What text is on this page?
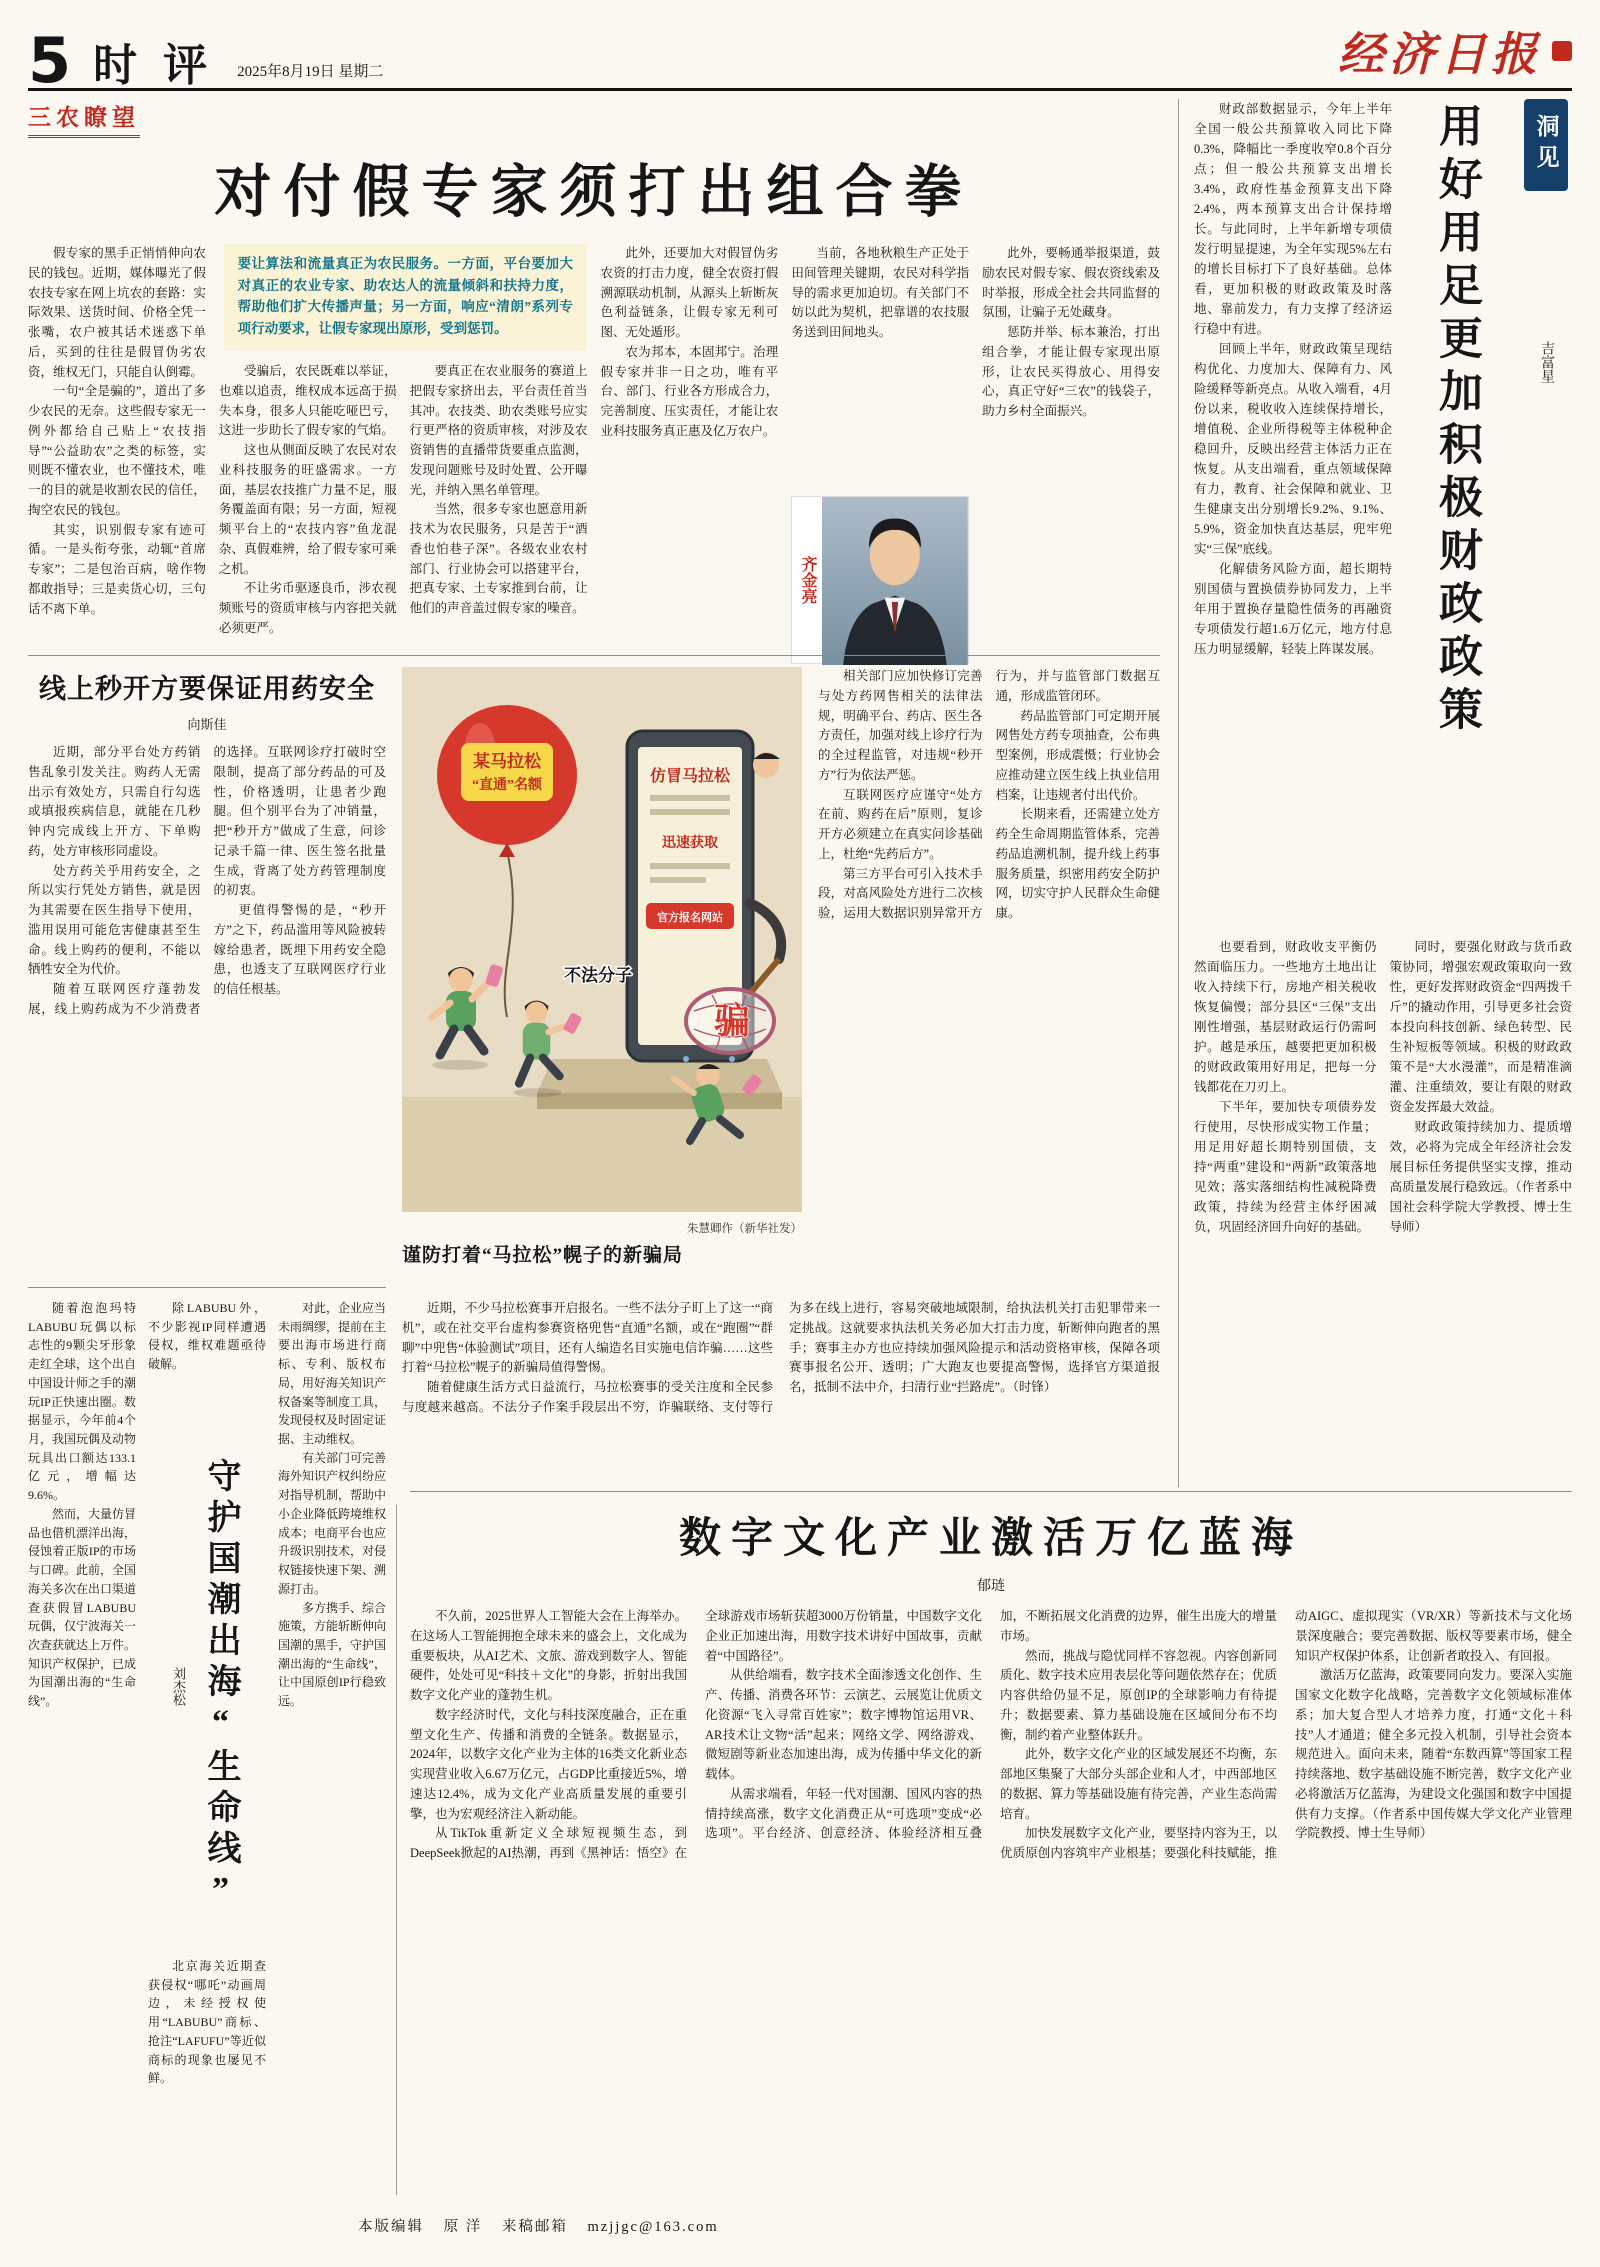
5 时评 2025年8月19日 星期二	经济日报
三农瞭望
对付假专家须打出组合拳
要让算法和流量真正为农民服务。一方面，平台要加大对真正的农业专家、助农达人的流量倾斜和扶持力度，帮助他们扩大传播声量；另一方面，响应“清朗”系列专项行动要求，让假专家现出原形，受到惩罚。

假专家的黑手正悄悄伸向农民的钱包。近期，媒体曝光了假农技专家在网上坑农的套路：实际效果、送货时间、价格全凭一张嘴，农户被其话术迷惑下单后，买到的往往是假冒伪劣农资，维权无门，只能自认倒霉。

一句“全是骗的”，道出了多少农民的无奈。这些假专家无一例外都给自己贴上“农技指导”“公益助农”之类的标签，实则既不懂农业，也不懂技术，唯一的目的就是收割农民的信任，掏空农民的钱包。

其实，识别假专家有迹可循。一是头衔夸张，动辄“首席专家”；二是包治百病，啥作物都敢指导；三是卖货心切，三句话不离下单。

受骗后，农民既难以举证，也难以追责，维权成本远高于损失本身，很多人只能吃哑巴亏，这进一步助长了假专家的气焰。

这也从侧面反映了农民对农业科技服务的旺盛需求。一方面，基层农技推广力量不足，服务覆盖面有限；另一方面，短视频平台上的“农技内容”鱼龙混杂、真假难辨，给了假专家可乘之机。

不让劣币驱逐良币，涉农视频账号的资质审核与内容把关就必须更严。

要真正在农业服务的赛道上把假专家挤出去，平台责任首当其冲。农技类、助农类账号应实行更严格的资质审核，对涉及农资销售的直播带货要重点监测，发现问题账号及时处置、公开曝光，并纳入黑名单管理。

当然，很多专家也愿意用新技术为农民服务，只是苦于“酒香也怕巷子深”。各级农业农村部门、行业协会可以搭建平台，把真专家、土专家推到台前，让他们的声音盖过假专家的噪音。

此外，还要加大对假冒伪劣农资的打击力度，健全农资打假溯源联动机制，从源头上斩断灰色利益链条，让假专家无利可图、无处遁形。

农为邦本，本固邦宁。治理假专家并非一日之功，唯有平台、部门、行业各方形成合力，完善制度、压实责任，才能让农业科技服务真正惠及亿万农户。

当前，各地秋粮生产正处于田间管理关键期，农民对科学指导的需求更加迫切。有关部门不妨以此为契机，把靠谱的农技服务送到田间地头。

齐金亮

此外，要畅通举报渠道，鼓励农民对假专家、假农资线索及时举报，形成全社会共同监督的氛围，让骗子无处藏身。

惩防并举、标本兼治，打出组合拳，才能让假专家现出原形，让农民买得放心、用得安心，真正守好“三农”的钱袋子，助力乡村全面振兴。

线上秒开方要保证用药安全
向斯佳

近期，部分平台处方药销售乱象引发关注。购药人无需出示有效处方，只需自行勾选或填报疾病信息，就能在几秒钟内完成线上开方、下单购药，处方审核形同虚设。

处方药关乎用药安全，之所以实行凭处方销售，就是因为其需要在医生指导下使用，滥用误用可能危害健康甚至生命。线上购药的便利，不能以牺牲安全为代价。

随着互联网医疗蓬勃发展，线上购药成为不少消费者的选择。互联网诊疗打破时空限制，提高了部分药品的可及性，价格透明，让患者少跑腿。但个别平台为了冲销量，把“秒开方”做成了生意，问诊记录千篇一律、医生签名批量生成，背离了处方药管理制度的初衷。

更值得警惕的是，“秒开方”之下，药品滥用等风险被转嫁给患者，既埋下用药安全隐患，也透支了互联网医疗行业的信任根基。

某马拉松
“直通”名额
仿冒马拉松
迅速获取
官方报名网站
骗
不法分子
朱慧卿作（新华社发）
谨防打着“马拉松”幌子的新骗局

相关部门应加快修订完善与处方药网售相关的法律法规，明确平台、药店、医生各方责任，加强对线上诊疗行为的全过程监管，对违规“秒开方”行为依法严惩。

互联网医疗应谨守“处方在前、购药在后”原则，复诊开方必须建立在真实问诊基础上，杜绝“先药后方”。

第三方平台可引入技术手段，对高风险处方进行二次核验，运用大数据识别异常开方行为，并与监管部门数据互通，形成监管闭环。

药品监管部门可定期开展网售处方药专项抽查，公布典型案例，形成震慑；行业协会应推动建立医生线上执业信用档案，让违规者付出代价。

长期来看，还需建立处方药全生命周期监管体系，完善药品追溯机制，提升线上药事服务质量，织密用药安全防护网，切实守护人民群众生命健康。

近期，不少马拉松赛事开启报名。一些不法分子盯上了这一“商机”，或在社交平台虚构参赛资格兜售“直通”名额，或在“跑圈”“群聊”中兜售“体验测试”项目，还有人编造名目实施电信诈骗……这些打着“马拉松”幌子的新骗局值得警惕。

随着健康生活方式日益流行，马拉松赛事的受关注度和全民参与度越来越高。不法分子作案手段层出不穷，诈骗联络、支付等行为多在线上进行，容易突破地域限制，给执法机关打击犯罪带来一定挑战。这就要求执法机关务必加大打击力度，斩断伸向跑者的黑手；赛事主办方也应持续加强风险提示和活动资格审核，保障各项赛事报名公开、透明；广大跑友也要提高警惕，选择官方渠道报名，抵制不法中介，扫清行业“拦路虎”。（时锋）

随着泡泡玛特LABUBU玩偶以标志性的9颗尖牙形象走红全球，这个出自中国设计师之手的潮玩IP正快速出圈。数据显示，今年前4个月，我国玩偶及动物玩具出口额达133.1亿元，增幅达9.6%。

然而，大量仿冒品也借机漂洋出海，侵蚀着正版IP的市场与口碑。此前，全国海关多次在出口渠道查获假冒LABUBU玩偶，仅宁波海关一次查获就达上万件。知识产权保护，已成为国潮出海的“生命线”。

除LABUBU外，不少影视IP同样遭遇侵权，维权难题亟待破解。

守护国潮出海“生命线”
刘杰松

北京海关近期查获侵权“哪吒”动画周边，未经授权使用“LABUBU”商标、抢注“LAFUFU”等近似商标的现象也屡见不鲜。

对此，企业应当未雨绸缪，提前在主要出海市场进行商标、专利、版权布局，用好海关知识产权备案等制度工具，发现侵权及时固定证据、主动维权。

有关部门可完善海外知识产权纠纷应对指导机制，帮助中小企业降低跨境维权成本；电商平台也应升级识别技术，对侵权链接快速下架、溯源打击。

多方携手、综合施策，方能斩断伸向国潮的黑手，守护国潮出海的“生命线”，让中国原创IP行稳致远。

数字文化产业激活万亿蓝海
郁琏

不久前，2025世界人工智能大会在上海举办。在这场人工智能拥抱全球未来的盛会上，文化成为重要板块，从AI艺术、文旅、游戏到数字人、智能硬件，处处可见“科技＋文化”的身影，折射出我国数字文化产业的蓬勃生机。

数字经济时代，文化与科技深度融合，正在重塑文化生产、传播和消费的全链条。数据显示，2024年，以数字文化产业为主体的16类文化新业态实现营业收入6.67万亿元，占GDP比重接近5%，增速达12.4%，成为文化产业高质量发展的重要引擎，也为宏观经济注入新动能。

从TikTok重新定义全球短视频生态，到DeepSeek掀起的AI热潮，再到《黑神话：悟空》在全球游戏市场斩获超3000万份销量，中国数字文化企业正加速出海，用数字技术讲好中国故事，贡献着“中国路径”。

从供给端看，数字技术全面渗透文化创作、生产、传播、消费各环节：云演艺、云展览让优质文化资源“飞入寻常百姓家”；数字博物馆运用VR、AR技术让文物“活”起来；网络文学、网络游戏、微短剧等新业态加速出海，成为传播中华文化的新载体。

从需求端看，年轻一代对国潮、国风内容的热情持续高涨，数字文化消费正从“可选项”变成“必选项”。平台经济、创意经济、体验经济相互叠加，不断拓展文化消费的边界，催生出庞大的增量市场。

然而，挑战与隐忧同样不容忽视。内容创新同质化、数字技术应用表层化等问题依然存在；优质内容供给仍显不足，原创IP的全球影响力有待提升；数据要素、算力基础设施在区域间分布不均衡，制约着产业整体跃升。

此外，数字文化产业的区域发展还不均衡，东部地区集聚了大部分头部企业和人才，中西部地区的数据、算力等基础设施有待完善，产业生态尚需培育。

加快发展数字文化产业，要坚持内容为王，以优质原创内容筑牢产业根基；要强化科技赋能，推动AIGC、虚拟现实（VR/XR）等新技术与文化场景深度融合；要完善数据、版权等要素市场，健全知识产权保护体系，让创新者敢投入、有回报。

激活万亿蓝海，政策要同向发力。要深入实施国家文化数字化战略，完善数字文化领域标准体系；加大复合型人才培养力度，打通“文化＋科技”人才通道；健全多元投入机制，引导社会资本规范进入。面向未来，随着“东数西算”等国家工程持续落地、数字基础设施不断完善，数字文化产业必将激活万亿蓝海，为建设文化强国和数字中国提供有力支撑。（作者系中国传媒大学文化产业管理学院教授、博士生导师）

财政部数据显示，今年上半年全国一般公共预算收入同比下降0.3%，降幅比一季度收窄0.8个百分点；但一般公共预算支出增长3.4%，政府性基金预算支出下降2.4%，两本预算支出合计保持增长。与此同时，上半年新增专项债发行明显提速，为全年实现5%左右的增长目标打下了良好基础。总体看，更加积极的财政政策及时落地、靠前发力，有力支撑了经济运行稳中有进。

回顾上半年，财政政策呈现结构优化、力度加大、保障有力、风险缓释等新亮点。从收入端看，4月份以来，税收收入连续保持增长，增值税、企业所得税等主体税种企稳回升，反映出经营主体活力正在恢复。从支出端看，重点领域保障有力，教育、社会保障和就业、卫生健康支出分别增长9.2%、9.1%、5.9%，资金加快直达基层，兜牢兜实“三保”底线。

化解债务风险方面，超长期特别国债与置换债券协同发力，上半年用于置换存量隐性债务的再融资专项债发行超1.6万亿元，地方付息压力明显缓解，轻装上阵谋发展。 用好用足更加积极财政政策	洞见
吉富星

也要看到，财政收支平衡仍然面临压力。一些地方土地出让收入持续下行，房地产相关税收恢复偏慢；部分县区“三保”支出刚性增强，基层财政运行仍需呵护。越是承压，越要把更加积极的财政政策用好用足，把每一分钱都花在刀刃上。

下半年，要加快专项债券发行使用，尽快形成实物工作量；用足用好超长期特别国债，支持“两重”建设和“两新”政策落地见效；落实落细结构性减税降费政策，持续为经营主体纾困减负，巩固经济回升向好的基础。

同时，要强化财政与货币政策协同，增强宏观政策取向一致性，更好发挥财政资金“四两拨千斤”的撬动作用，引导更多社会资本投向科技创新、绿色转型、民生补短板等领域。积极的财政政策不是“大水漫灌”，而是精准滴灌、注重绩效，要让有限的财政资金发挥最大效益。

财政政策持续加力、提质增效，必将为完成全年经济社会发展目标任务提供坚实支撑，推动高质量发展行稳致远。（作者系中国社会科学院大学教授、博士生导师）

本版编辑 原 洋 来稿邮箱 mzjjgc@163.com
